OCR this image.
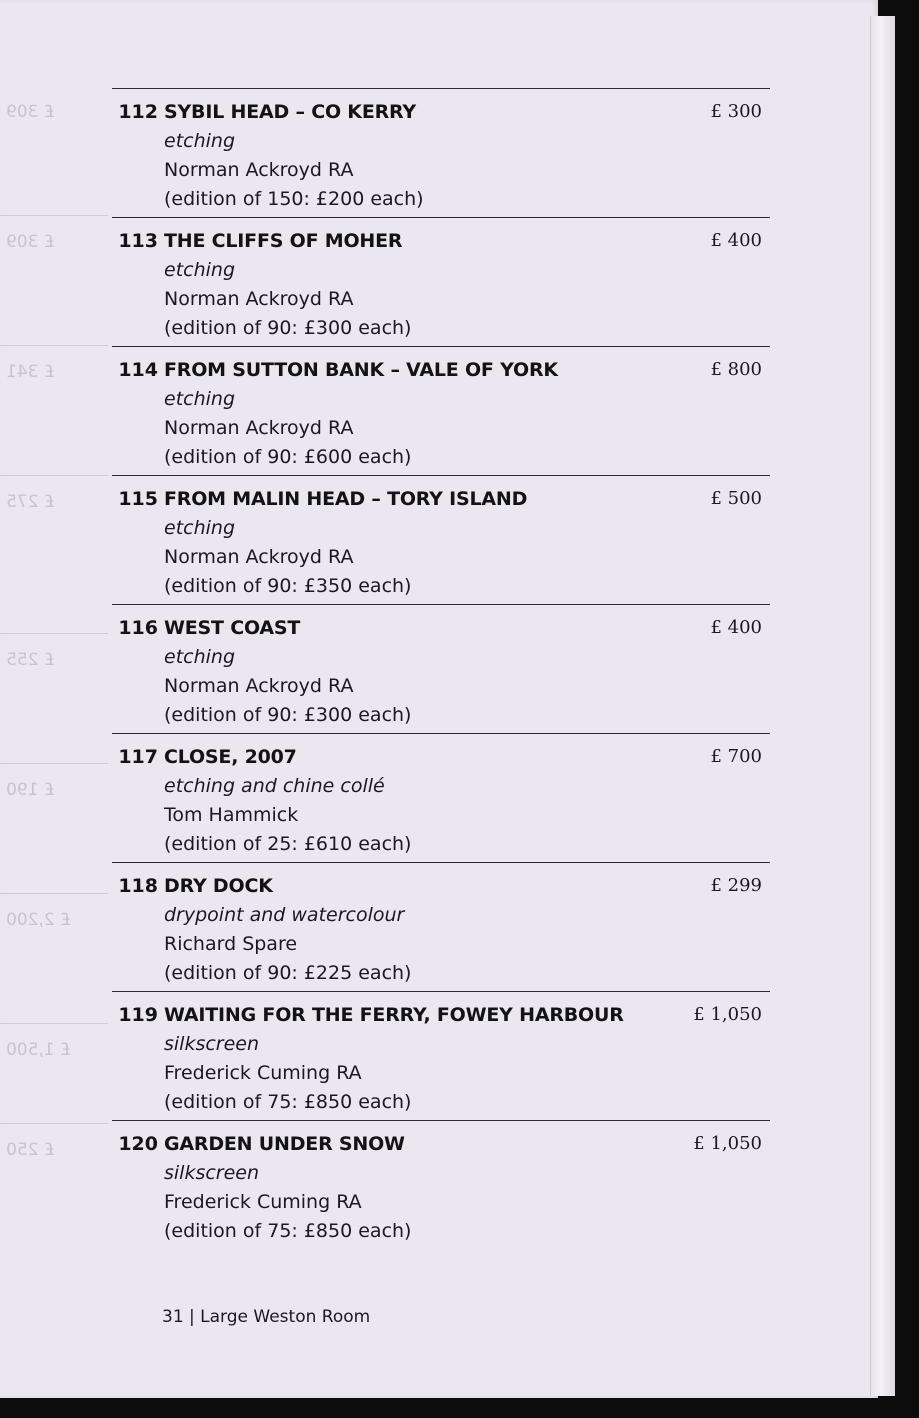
£ 309
£ 309
£ 341
£ 275
£ 255
£ 190
£ 2,200
£ 1,500
£ 250
112 SYBIL HEAD – CO KERRY
etching
Norman Ackroyd RA
(edition of 150: £200 each)
£ 300
113 THE CLIFFS OF MOHER
etching
Norman Ackroyd RA
(edition of 90: £300 each)
£ 400
114 FROM SUTTON BANK – VALE OF YORK
etching
Norman Ackroyd RA
(edition of 90: £600 each)
£ 800
115 FROM MALIN HEAD – TORY ISLAND
etching
Norman Ackroyd RA
(edition of 90: £350 each)
£ 500
116 WEST COAST
etching
Norman Ackroyd RA
(edition of 90: £300 each)
£ 400
117 CLOSE, 2007
etching and chine collé
Tom Hammick
(edition of 25: £610 each)
£ 700
118 DRY DOCK
drypoint and watercolour
Richard Spare
(edition of 90: £225 each)
£ 299
119 WAITING FOR THE FERRY, FOWEY HARBOUR
silkscreen
Frederick Cuming RA
(edition of 75: £850 each)
£ 1,050
120 GARDEN UNDER SNOW
silkscreen
Frederick Cuming RA
(edition of 75: £850 each)
£ 1,050
31 | Large Weston Room
